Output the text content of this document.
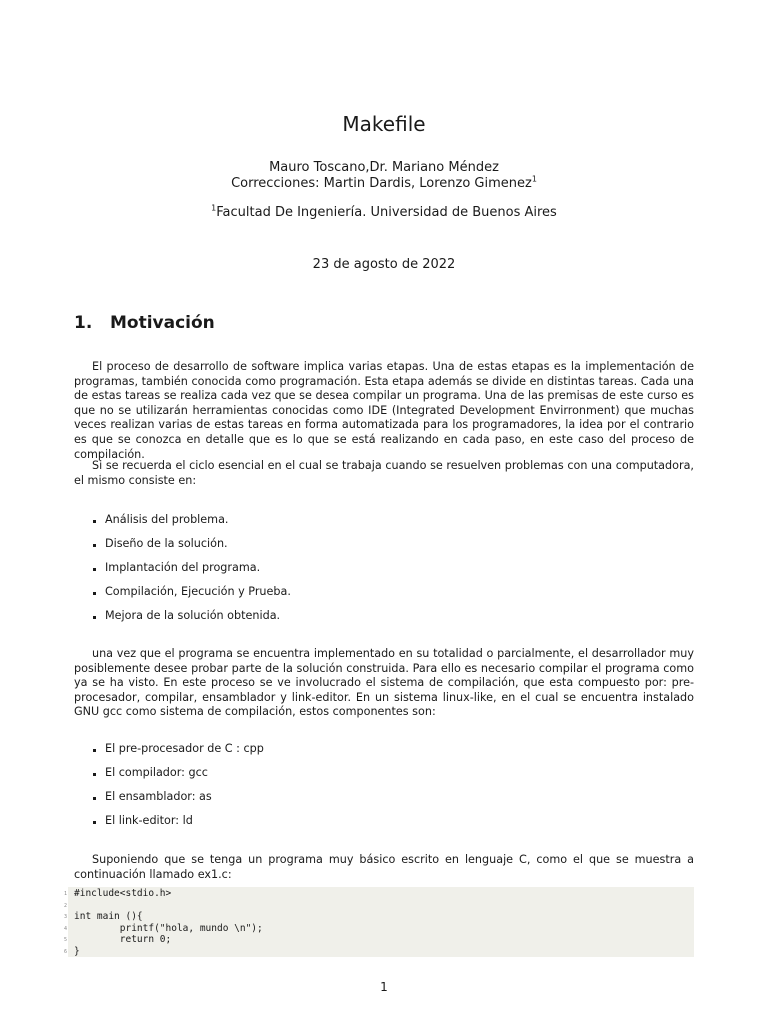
Makefile
Mauro Toscano,Dr. Mariano Méndez
Correcciones: Martin Dardis, Lorenzo Gimenez$^1$
$^1$Facultad De Ingeniería. Universidad de Buenos Aires
23 de agosto de 2022
1. Motivación

El proceso de desarrollo de software implica varias etapas. Una de estas etapas es la implementación de programas, también conocida como programación. Esta etapa además se divide en distintas tareas. Cada una de estas tareas se realiza cada vez que se desea compilar un programa. Una de las premisas de este curso es que no se utilizarán herramientas conocidas como IDE (Integrated Development Envirronment) que muchas veces realizan varias de estas tareas en forma automatizada para los programadores, la idea por el contrario es que se conozca en detalle que es lo que se está realizando en cada paso, en este caso del proceso de compilación.

Si se recuerda el ciclo esencial en el cual se trabaja cuando se resuelven problemas con una computadora, el mismo consiste en:

Análisis del problema.
Diseño de la solución.
Implantación del programa.
Compilación, Ejecución y Prueba.
Mejora de la solución obtenida.

una vez que el programa se encuentra implementado en su totalidad o parcialmente, el desarrollador muy posiblemente desee probar parte de la solución construida. Para ello es necesario compilar el programa como ya se ha visto. En este proceso se ve involucrado el sistema de compilación, que esta compuesto por: pre-procesador, compilar, ensamblador y link-editor. En un sistema linux-like, en el cual se encuentra instalado GNU gcc como sistema de compilación, estos componentes son:

El pre-procesador de C : cpp
El compilador: gcc
El ensamblador: as
El link-editor: ld

Suponiendo que se tenga un programa muy básico escrito en lenguaje C, como el que se muestra a continuación llamado ex1.c:

1 #include<stdio.h>
2
3 int main (){
4 printf("hola, mundo \n");
5 return 0;
6 }
1
